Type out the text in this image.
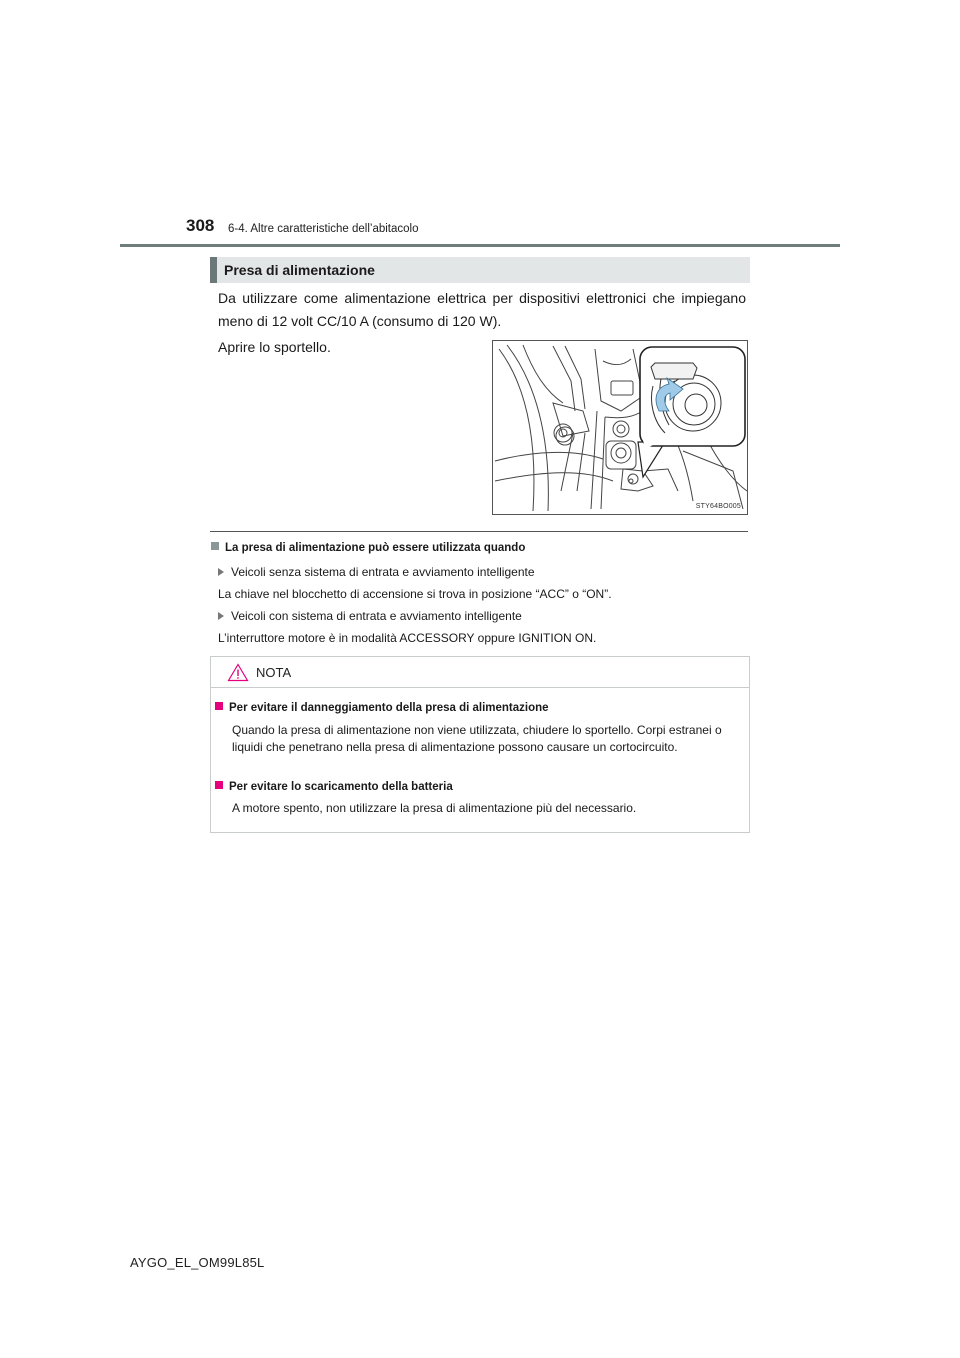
308 6-4. Altre caratteristiche dell’abitacolo
Presa di alimentazione
Da utilizzare come alimentazione elettrica per dispositivi elettronici che impiegano meno di 12 volt CC/10 A (consumo di 120 W).
Aprire lo sportello.
STY64BO005
La presa di alimentazione può essere utilizzata quando
Veicoli senza sistema di entrata e avviamento intelligente
La chiave nel blocchetto di accensione si trova in posizione “ACC” o “ON”.
Veicoli con sistema di entrata e avviamento intelligente
L’interruttore motore è in modalità ACCESSORY oppure IGNITION ON.
NOTA
Per evitare il danneggiamento della presa di alimentazione
Quando la presa di alimentazione non viene utilizzata, chiudere lo sportello. Corpi estranei o liquidi che penetrano nella presa di alimentazione possono causare un cortocircuito.
Per evitare lo scaricamento della batteria
A motore spento, non utilizzare la presa di alimentazione più del necessario.
AYGO_EL_OM99L85L
